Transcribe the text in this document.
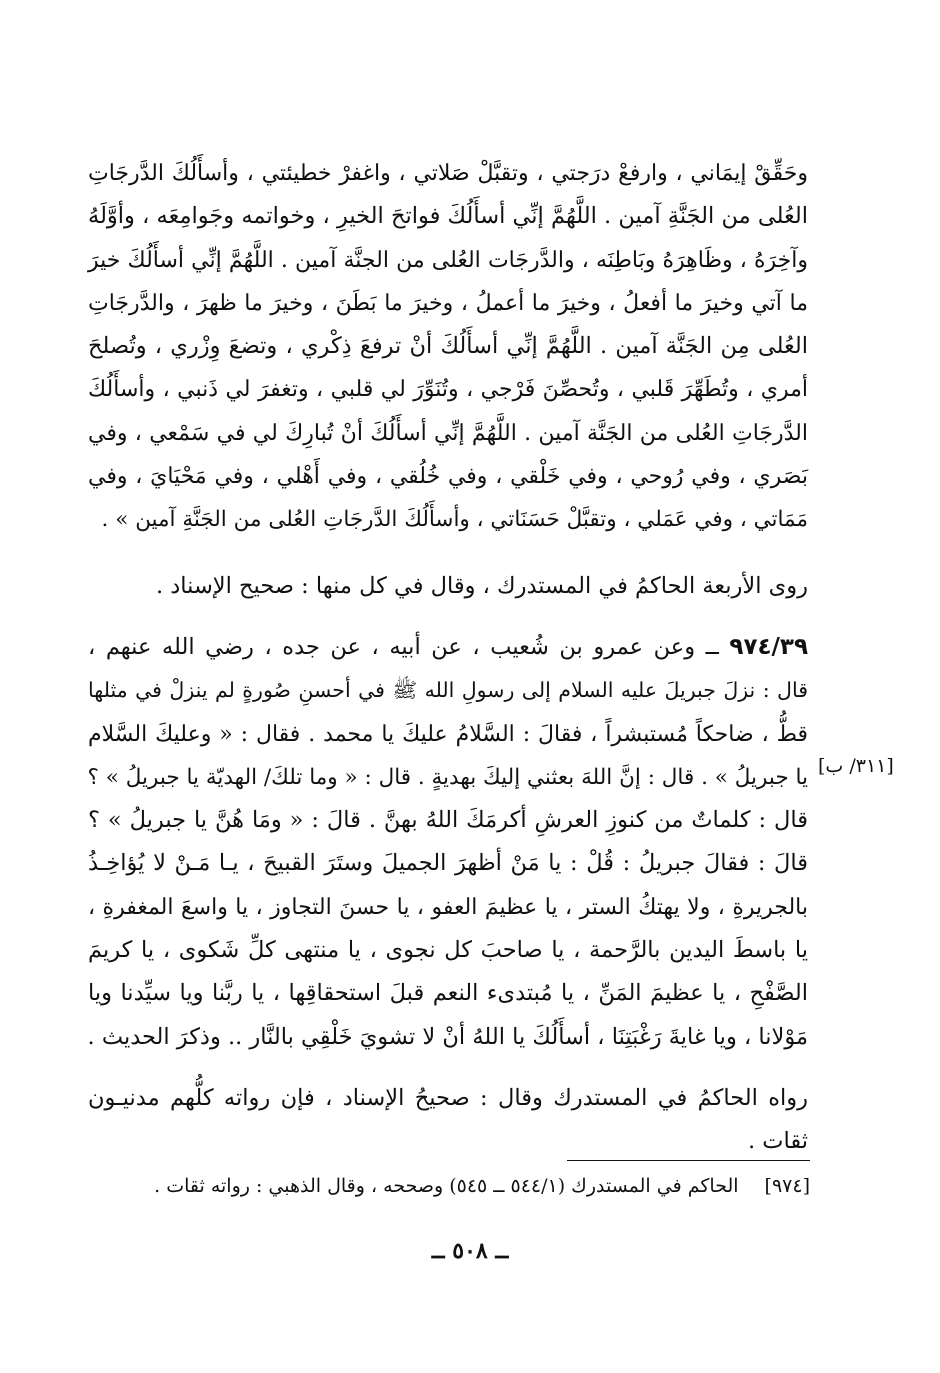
وحَقِّقْ إيمَاني ، وارفعْ درَجتي ، وتقبَّلْ صَلاتي ، واغفرْ خطيئتي ، وأسأَلُكَ الدَّرجَاتِ
العُلى من الجَنَّةِ آمين . اللَّهُمَّ إنِّي أسأَلُكَ فواتحَ الخيرِ ، وخواتمه وجَوامِعَه ، وأوَّلَهُ
وآخِرَهُ ، وظَاهِرَهُ وبَاطِنَه ، والدَّرجَات العُلى من الجنَّة آمين . اللَّهُمَّ إنِّي أسأَلُكَ خيرَ
ما آتي وخيرَ ما أفعلُ ، وخيرَ ما أعملُ ، وخيرَ ما بَطَنَ ، وخيرَ ما ظهرَ ، والدَّرجَاتِ
العُلى مِن الجَنَّة آمين . اللَّهُمَّ إنِّي أسأَلُكَ أنْ ترفعَ ذِكْري ، وتضعَ وِزْري ، وتُصلحَ
أمري ، وتُطَهِّرَ قَلبي ، وتُحصِّنَ فَرْجي ، وتُنَوِّرَ لي قلبي ، وتغفرَ لي ذَنبي ، وأسأَلُكَ
الدَّرجَاتِ العُلى من الجَنَّة آمين . اللَّهُمَّ إنِّي أسأَلُكَ أنْ تُبارِكَ لي في سَمْعي ، وفي
بَصَري ، وفي رُوحي ، وفي خَلْقي ، وفي خُلُقي ، وفي أَهْلي ، وفي مَحْيَايَ ، وفي
مَمَاتي ، وفي عَمَلي ، وتقبَّلْ حَسَنَاتي ، وأسأَلُكَ الدَّرجَاتِ العُلى من الجَنَّةِ آمين » .
روى الأربعة الحاكمُ في المستدرك ، وقال في كل منها : صحيح الإسناد .
٩٧٤/٣٩ ــ وعن عمرو بن شُعيب ، عن أبيه ، عن جده ، رضي الله عنهم ،
قال : نزلَ جبريلَ عليه السلام إلى رسولِ الله ﷺ في أحسنِ صُورةٍ لم ينزلْ في مثلها
قطُّ ، ضاحكاً مُستبشراً ، فقالَ : السَّلامُ عليكَ يا محمد . فقال : « وعليكَ السَّلام
يا جبريلُ » . قال : إنَّ اللهَ بعثني إليكَ بهديةٍ . قال : « وما تلكَ/ الهديّة يا جبريلُ » ؟
قال : كلماتٌ من كنوزِ العرشِ أكرمَكَ اللهُ بهنَّ . قالَ : « ومَا هُنَّ يا جبريلُ » ؟
قالَ : فقالَ جبريلُ : قُلْ : يا مَنْ أظهرَ الجميلَ وستَرَ القبيحَ ، يـا مَـنْ لا يُؤاخِـذُ
بالجريرةِ ، ولا يهتكُ الستر ، يا عظيمَ العفو ، يا حسنَ التجاوز ، يا واسعَ المغفرةِ ،
يا باسطَ اليدين بالرَّحمة ، يا صاحبَ كل نجوى ، يا منتهى كلِّ شَكوى ، يا كريمَ
الصَّفْحِ ، يا عظيمَ المَنِّ ، يا مُبتدىء النعم قبلَ استحقاقِها ، يا ربَّنا ويا سيِّدنا ويا
مَوْلانا ، ويا غايةَ رَغْبَتِنَا ، أسأَلُكَ يا اللهُ أنْ لا تشويَ خَلْقِي بالنَّار .. وذكرَ الحديث .
[٣١١/ ب]
رواه الحاكمُ في المستدرك وقال : صحيحُ الإسناد ، فإن رواته كلُّهم مدنيـون
ثقات .
[٩٧٤]الحاكم في المستدرك (٥٤٤/١ ــ ٥٤٥) وصححه ، وقال الذهبي : رواته ثقات .
ــ ٥٠٨ ــ
